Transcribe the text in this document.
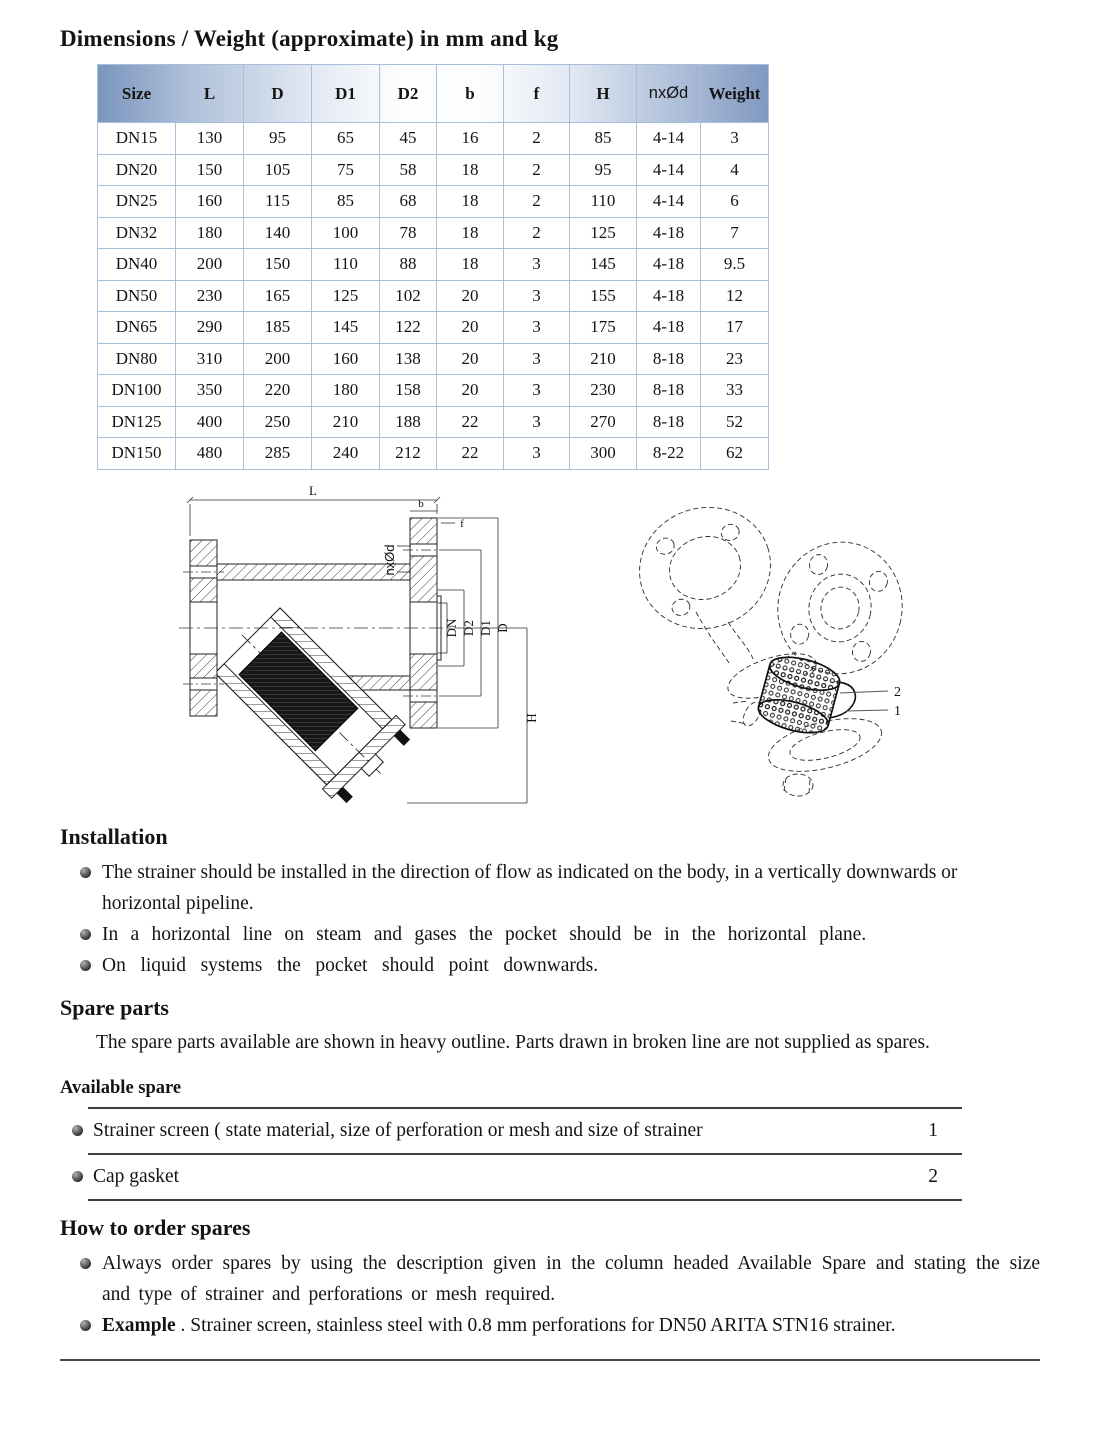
Dimensions / Weight (approximate) in mm and kg
Size	L	D	D1	D2	b	f	H	nxØd	Weight
DN15	130	95	65	45	16	2	85	4-14	3
DN20	150	105	75	58	18	2	95	4-14	4
DN25	160	115	85	68	18	2	110	4-14	6
DN32	180	140	100	78	18	2	125	4-18	7
DN40	200	150	110	88	18	3	145	4-18	9.5
DN50	230	165	125	102	20	3	155	4-18	12
DN65	290	185	145	122	20	3	175	4-18	17
DN80	310	200	160	138	20	3	210	8-18	23
DN100	350	220	180	158	20	3	230	8-18	33
DN125	400	250	210	188	22	3	270	8-18	52
DN150	480	285	240	212	22	3	300	8-22	62
L
b
f
nxØd
DN D2 D1 D
H
2
1
Installation
The strainer should be installed in the direction of flow as indicated on the body, in a vertically downwards or horizontal pipeline.
In a horizontal line on steam and gases the pocket should be in the horizontal plane.
On liquid systems the pocket should point downwards.
Spare parts

The spare parts available are shown in heavy outline. Parts drawn in broken line are not supplied as spares.

Available spare
Strainer screen ( state material, size of perforation or mesh and size of strainer	1
Cap gasket	2
How to order spares
Always order spares by using the description given in the column headed Available Spare and stating the size and type of strainer and perforations or mesh required.
Example . Strainer screen, stainless steel with 0.8 mm perforations for DN50 ARITA STN16 strainer.
